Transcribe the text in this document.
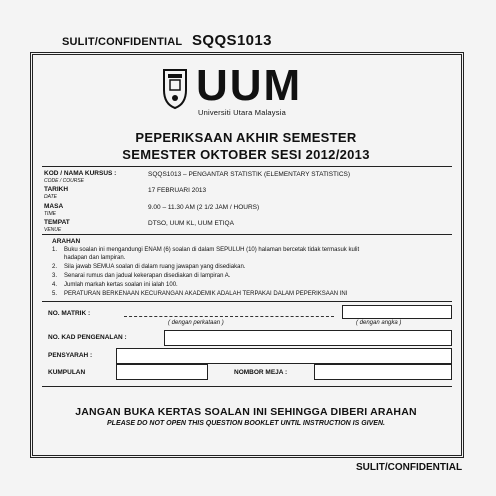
SULIT/CONFIDENTIAL SQQS1013
UUM
Universiti Utara Malaysia
PEPERIKSAAN AKHIR SEMESTER
SEMESTER OKTOBER SESI 2012/2013
KOD / NAMA KURSUS :
CODE / COURSE
SQQS1013 – PENGANTAR STATISTIK (ELEMENTARY STATISTICS)
TARIKH
DATE
17 FEBRUARI 2013
MASA
TIME
9.00 – 11.30 AM (2 1/2 JAM / HOURS)
TEMPAT
VENUE
DTSO, UUM KL, UUM ETIQA
ARAHAN
1. Buku soalan ini mengandungi ENAM (6) soalan di dalam SEPULUH (10) halaman bercetak tidak termasuk kulit
hadapan dan lampiran.
2. Sila jawab SEMUA soalan di dalam ruang jawapan yang disediakan.
3. Senarai rumus dan jadual kekerapan disediakan di lampiran A.
4. Jumlah markah kertas soalan ini ialah 100.
5. PERATURAN BERKENAAN KECURANGAN AKADEMIK ADALAH TERPAKAI DALAM PEPERIKSAAN INI
NO. MATRIK :
( dengan perkataan )	( dengan angka )
NO. KAD PENGENALAN :
PENSYARAH :
KUMPULAN	NOMBOR MEJA :
JANGAN BUKA KERTAS SOALAN INI SEHINGGA DIBERI ARAHAN
PLEASE DO NOT OPEN THIS QUESTION BOOKLET UNTIL INSTRUCTION IS GIVEN.
SULIT/CONFIDENTIAL
